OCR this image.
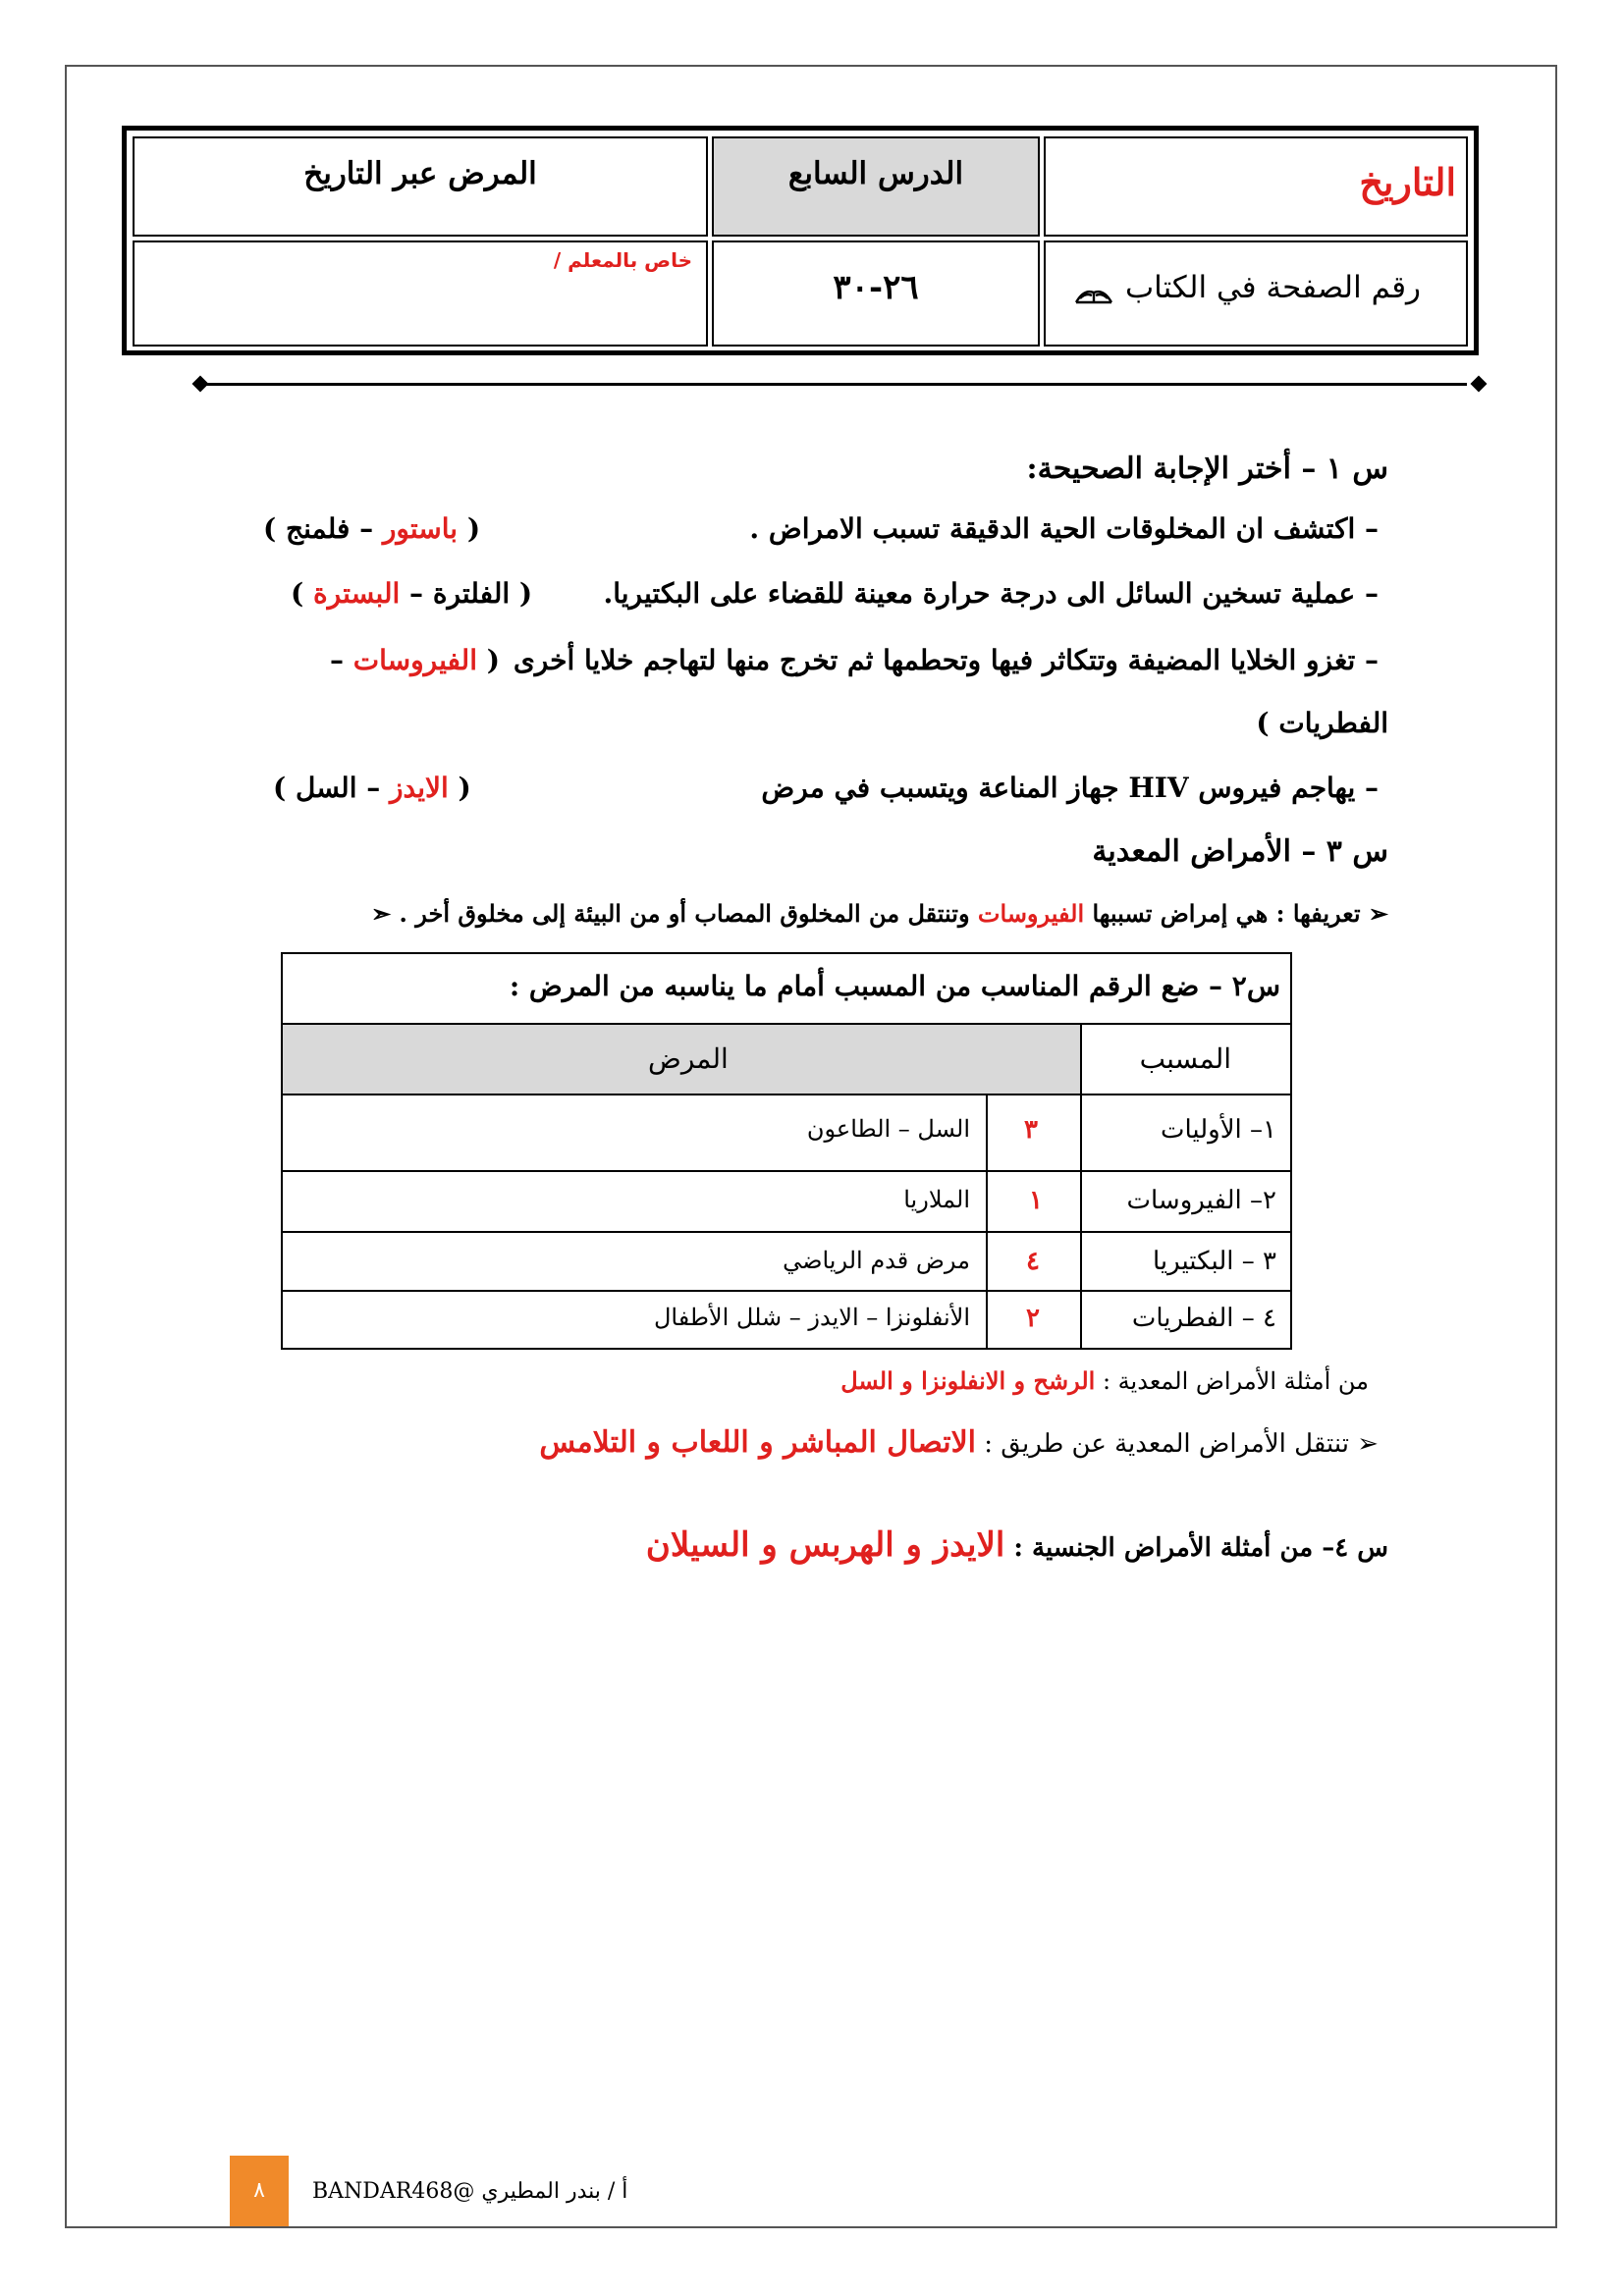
التاريخ
الدرس السابع
المرض عبر التاريخ
رقم الصفحة في الكتاب
٢٦-٣٠
خاص بالمعلم /
س ١ – أختر الإجابة الصحيحة:
– اكتشف ان المخلوقات الحية الدقيقة تسبب الامراض .
( باستور – فلمنج )
– عملية تسخين السائل الى درجة حرارة معينة للقضاء على البكتيريا.
( الفلترة – البسترة )
– تغزو الخلايا المضيفة وتتكاثر فيها وتحطمها ثم تخرج منها لتهاجم خلايا أخرى
( الفيروسات –
الفطريات )
– يهاجم فيروس HIV جهاز المناعة ويتسبب في مرض
( الايدز – السل )
س ٣ – الأمراض المعدية
➢ تعريفها : هي إمراض تسببها الفيروسات وتنتقل من المخلوق المصاب أو من البيئة إلى مخلوق أخر . ➣
س٢ – ضع الرقم المناسب من المسبب أمام ما يناسبه من المرض :
المرض	المسبب
١– الأوليات
٣
السل – الطاعون
٢– الفيروسات
١
الملاريا
٣ – البكتيريا
٤
مرض قدم الرياضي
٤ – الفطريات
٢
الأنفلونزا – الايدز – شلل الأطفال
من أمثلة الأمراض المعدية : الرشح و الانفلونزا و السل
➢ تنتقل الأمراض المعدية عن طريق : الاتصال المباشر و اللعاب و التلامس
س ٤– من أمثلة الأمراض الجنسية : الايدز و الهربس و السيلان
٨	أ / بندر المطيري @BANDAR468
